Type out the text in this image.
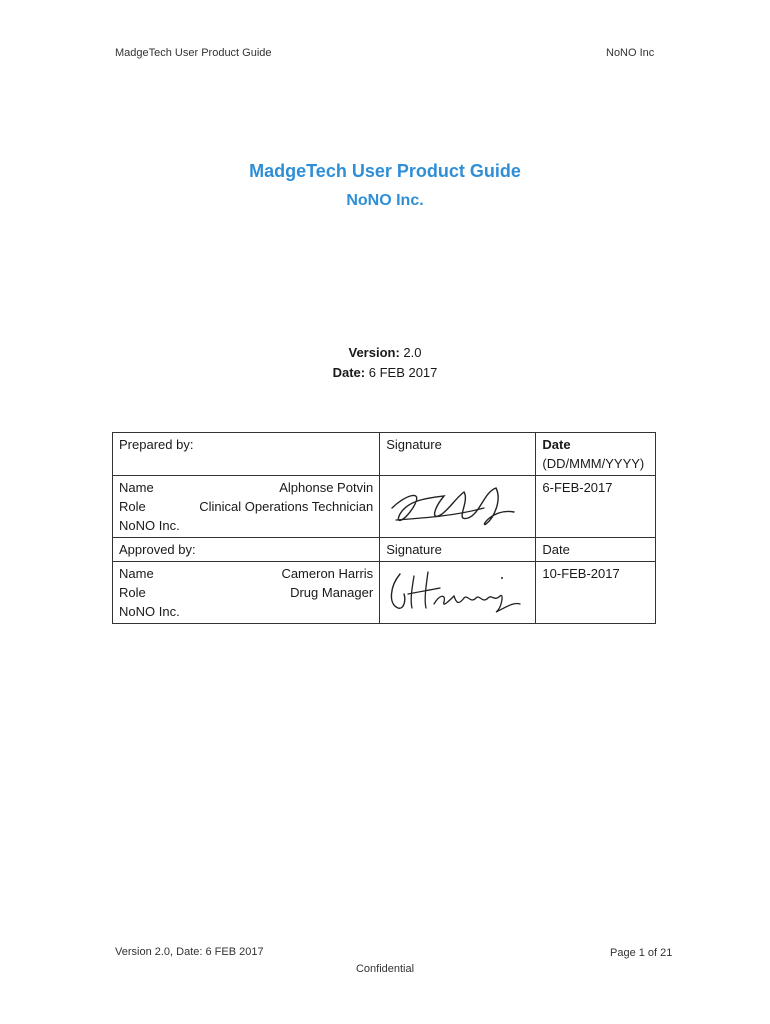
MadgeTech User Product Guide	NoNO Inc
MadgeTech User Product Guide
NoNO Inc.
Version: 2.0
Date: 6 FEB 2017
Prepared by:	Signature	Date
(DD/MMM/YYYY)

Name Alphonse Potvin
Role Clinical Operations Technician
NoNO Inc.		6-FEB-2017
Approved by:	Signature	Date

Name Cameron Harris
Role Drug Manager
NoNO Inc.		10-FEB-2017
Version 2.0, Date: 6 FEB 2017	Page 1 of 21
Confidential
